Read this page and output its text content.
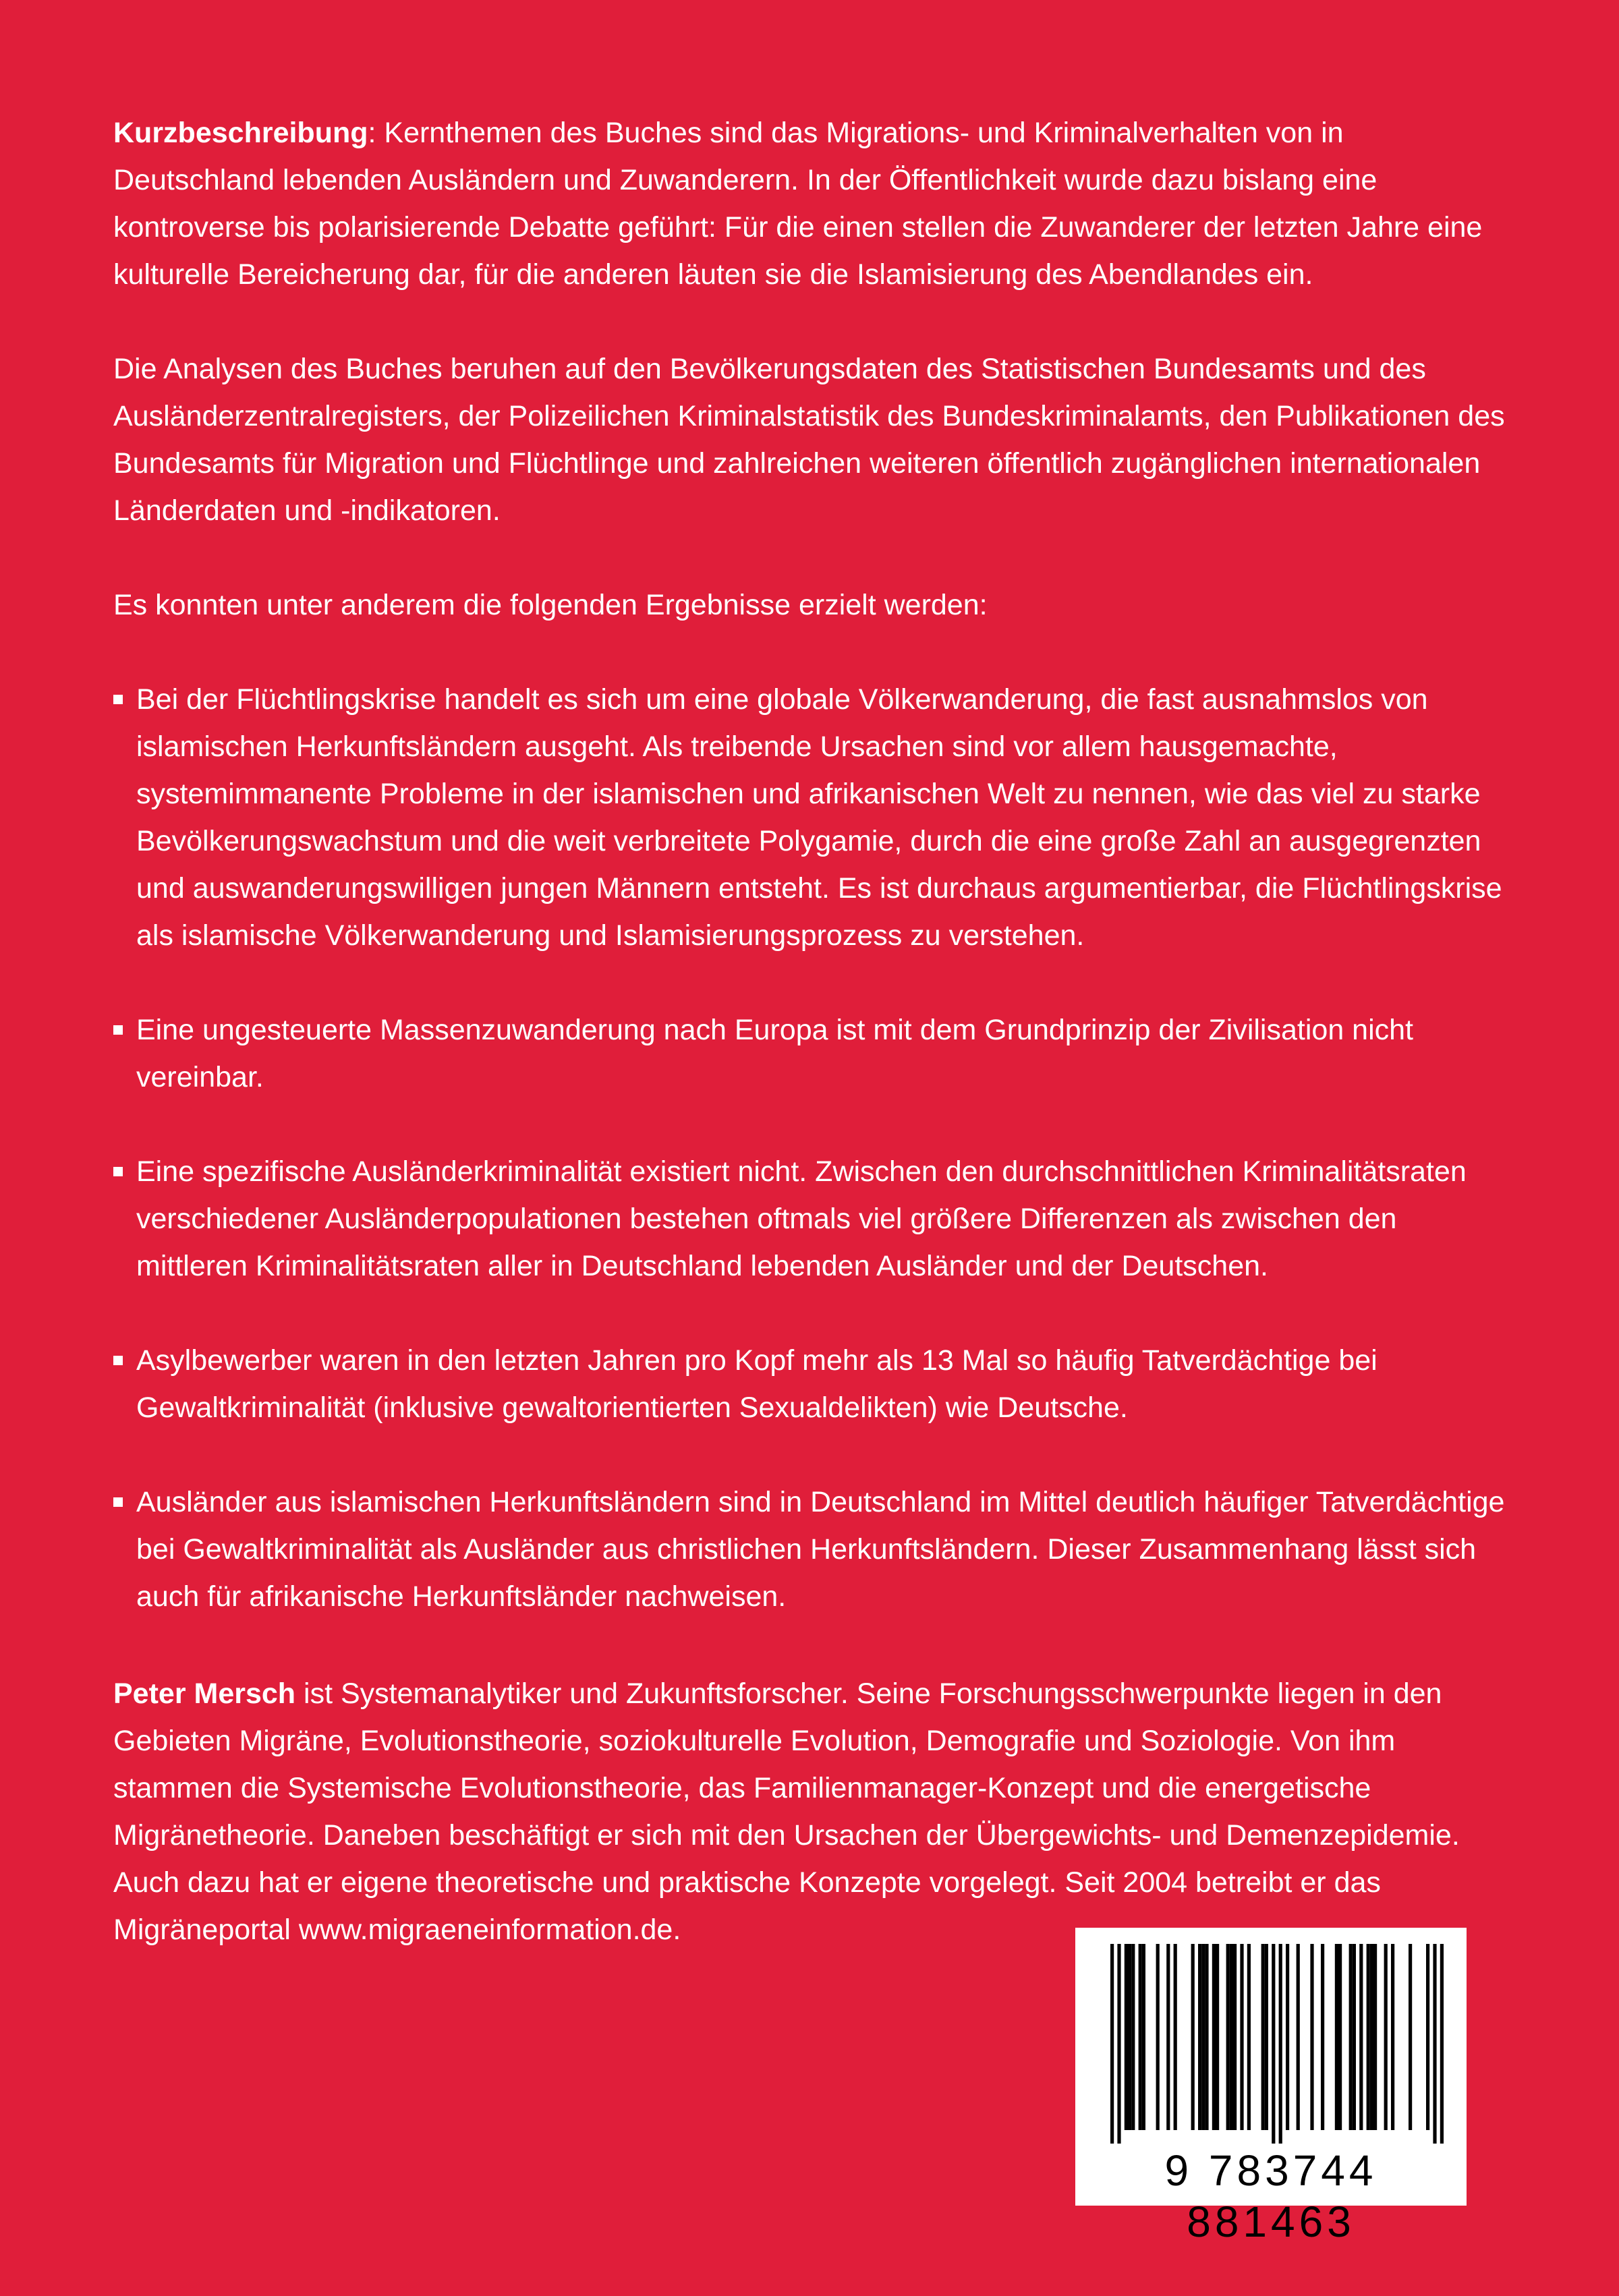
Kurzbeschreibung: Kernthemen des Buches sind das Migrations- und Kriminalverhalten von in Deutschland lebenden Ausländern und Zuwanderern. In der Öffentlichkeit wurde dazu bislang eine kontroverse bis polarisierende Debatte geführt: Für die einen stellen die Zuwanderer der letzten Jahre eine kulturelle Bereicherung dar, für die anderen läuten sie die Islamisierung des Abendlandes ein.

Die Analysen des Buches beruhen auf den Bevölkerungsdaten des Statistischen Bundesamts und des Ausländerzentralregisters, der Polizeilichen Kriminalstatistik des Bundeskriminalamts, den Publikationen des Bundesamts für Migration und Flüchtlinge und zahlreichen weiteren öffentlich zugänglichen internationalen Länderdaten und -indikatoren.

Es konnten unter anderem die folgenden Ergebnisse erzielt werden:

Bei der Flüchtlingskrise handelt es sich um eine globale Völkerwanderung, die fast ausnahmslos von islamischen Herkunftsländern ausgeht. Als treibende Ursachen sind vor allem hausgemachte, systemimmanente Probleme in der islamischen und afrikanischen Welt zu nennen, wie das viel zu starke Bevölkerungswachstum und die weit verbreitete Polygamie, durch die eine große Zahl an ausgegrenzten und auswanderungswilligen jungen Männern entsteht. Es ist durchaus argumentierbar, die Flüchtlingskrise als islamische Völkerwanderung und Islamisierungsprozess zu verstehen.
Eine ungesteuerte Massenzuwanderung nach Europa ist mit dem Grundprinzip der Zivilisation nicht vereinbar.
Eine spezifische Ausländerkriminalität existiert nicht. Zwischen den durchschnittlichen Kriminalitätsraten verschiedener Ausländerpopulationen bestehen oftmals viel größere Differenzen als zwischen den mittleren Kriminalitätsraten aller in Deutschland lebenden Ausländer und der Deutschen.
Asylbewerber waren in den letzten Jahren pro Kopf mehr als 13 Mal so häufig Tatverdächtige bei Gewaltkriminalität (inklusive gewaltorientierten Sexualdelikten) wie Deutsche.
Ausländer aus islamischen Herkunftsländern sind in Deutschland im Mittel deutlich häufiger Tatverdächtige bei Gewaltkriminalität als Ausländer aus christlichen Herkunftsländern. Dieser Zusammenhang lässt sich auch für afrikanische Herkunftsländer nachweisen.

Peter Mersch ist Systemanalytiker und Zukunftsforscher. Seine Forschungsschwerpunkte liegen in den Gebieten Migräne, Evolutionstheorie, soziokulturelle Evolution, Demografie und Soziologie. Von ihm stammen die Systemische Evolutionstheorie, das Familienmanager-Konzept und die energetische Migränetheorie. Daneben beschäftigt er sich mit den Ursachen der Übergewichts- und Demenzepidemie. Auch dazu hat er eigene theoretische und praktische Konzepte vorgelegt. Seit 2004 betreibt er das Migräneportal www.migraeneinformation.de.

9 783744 881463
